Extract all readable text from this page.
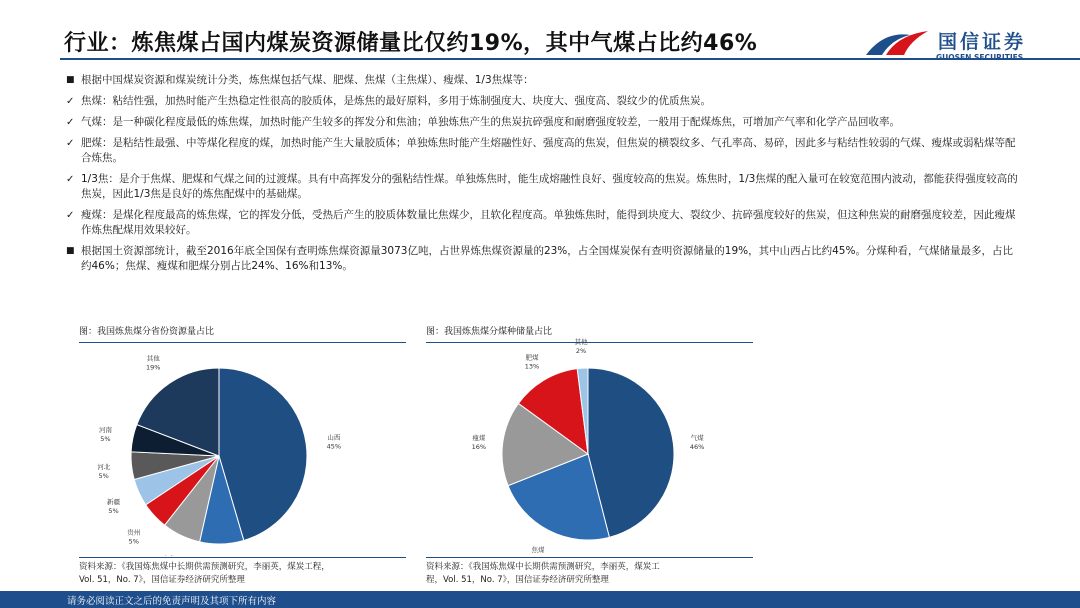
行业：炼焦煤占国内煤炭资源储量比仅约19%，其中气煤占比约46%	国信证券
GUOSEN SECURITIES
■ 根据中国煤炭资源和煤炭统计分类，炼焦煤包括气煤、肥煤、焦煤（主焦煤）、瘦煤、1/3焦煤等：
✓ 焦煤：粘结性强，加热时能产生热稳定性很高的胶质体，是炼焦的最好原料，多用于炼制强度大、块度大、强度高、裂纹少的优质焦炭。
✓ 气煤：是一种碳化程度最低的炼焦煤，加热时能产生较多的挥发分和焦油；单独炼焦产生的焦炭抗碎强度和耐磨强度较差，一般用于配煤炼焦，可增加产气率和化学产品回收率。
✓ 肥煤：是粘结性最强、中等煤化程度的煤，加热时能产生大量胶质体；单独炼焦时能产生熔融性好、强度高的焦炭，但焦炭的横裂纹多、气孔率高、易碎，因此多与粘结性较弱的气煤、瘦煤或弱粘煤等配合炼焦。
✓ 1/3焦：是介于焦煤、肥煤和气煤之间的过渡煤。具有中高挥发分的强粘结性煤。单独炼焦时，能生成熔融性良好、强度较高的焦炭。炼焦时，1/3焦煤的配入量可在较宽范围内波动，都能获得强度较高的焦炭，因此1/3焦是良好的炼焦配煤中的基础煤。
✓ 瘦煤：是煤化程度最高的炼焦煤，它的挥发分低，受热后产生的胶质体数量比焦煤少，且软化程度高。单独炼焦时，能得到块度大、裂纹少、抗碎强度较好的焦炭，但这种焦炭的耐磨强度较差，因此瘦煤作炼焦配煤用效果较好。
■ 根据国土资源部统计，截至2016年底全国保有查明炼焦煤资源量3073亿吨，占世界炼焦煤资源量的23%，占全国煤炭保有查明资源储量的19%，其中山西占比约45%。分煤种看，气煤储量最多，占比约46%；焦煤、瘦煤和肥煤分别占比24%、16%和13%。
图：我国炼焦煤分省份资源量占比
山西
45%
贵州
5%
新疆
5%
河北
5%
河南
5%
其他
19%
资料来源：《我国炼焦煤中长期供需预测研究，李丽英，煤炭工程，
Vol. 51，No. 7》，国信证券经济研究所整理
图：我国炼焦煤分煤种储量占比
气煤
46%
焦煤
瘦煤
16%
肥煤
13%
其他
2%
资料来源：《我国炼焦煤中长期供需预测研究，李丽英，煤炭工
程，Vol. 51，No. 7》，国信证券经济研究所整理
请务必阅读正文之后的免责声明及其项下所有内容
